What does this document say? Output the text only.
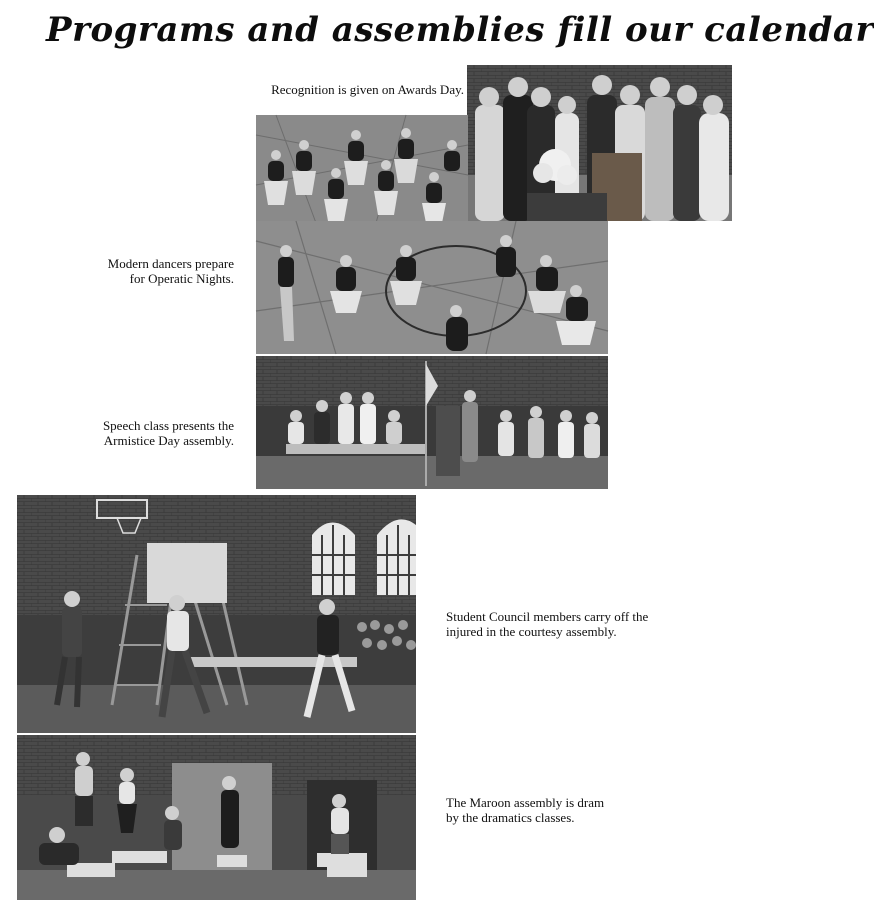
Programs and assemblies fill our calendar
Recognition is given on Awards Day.
Modern dancers prepare
for Operatic Nights.
Speech class presents the
Armistice Day assembly.
Student Council members carry off the
injured in the courtesy assembly.
The Maroon assembly is dram
by the dramatics classes.
